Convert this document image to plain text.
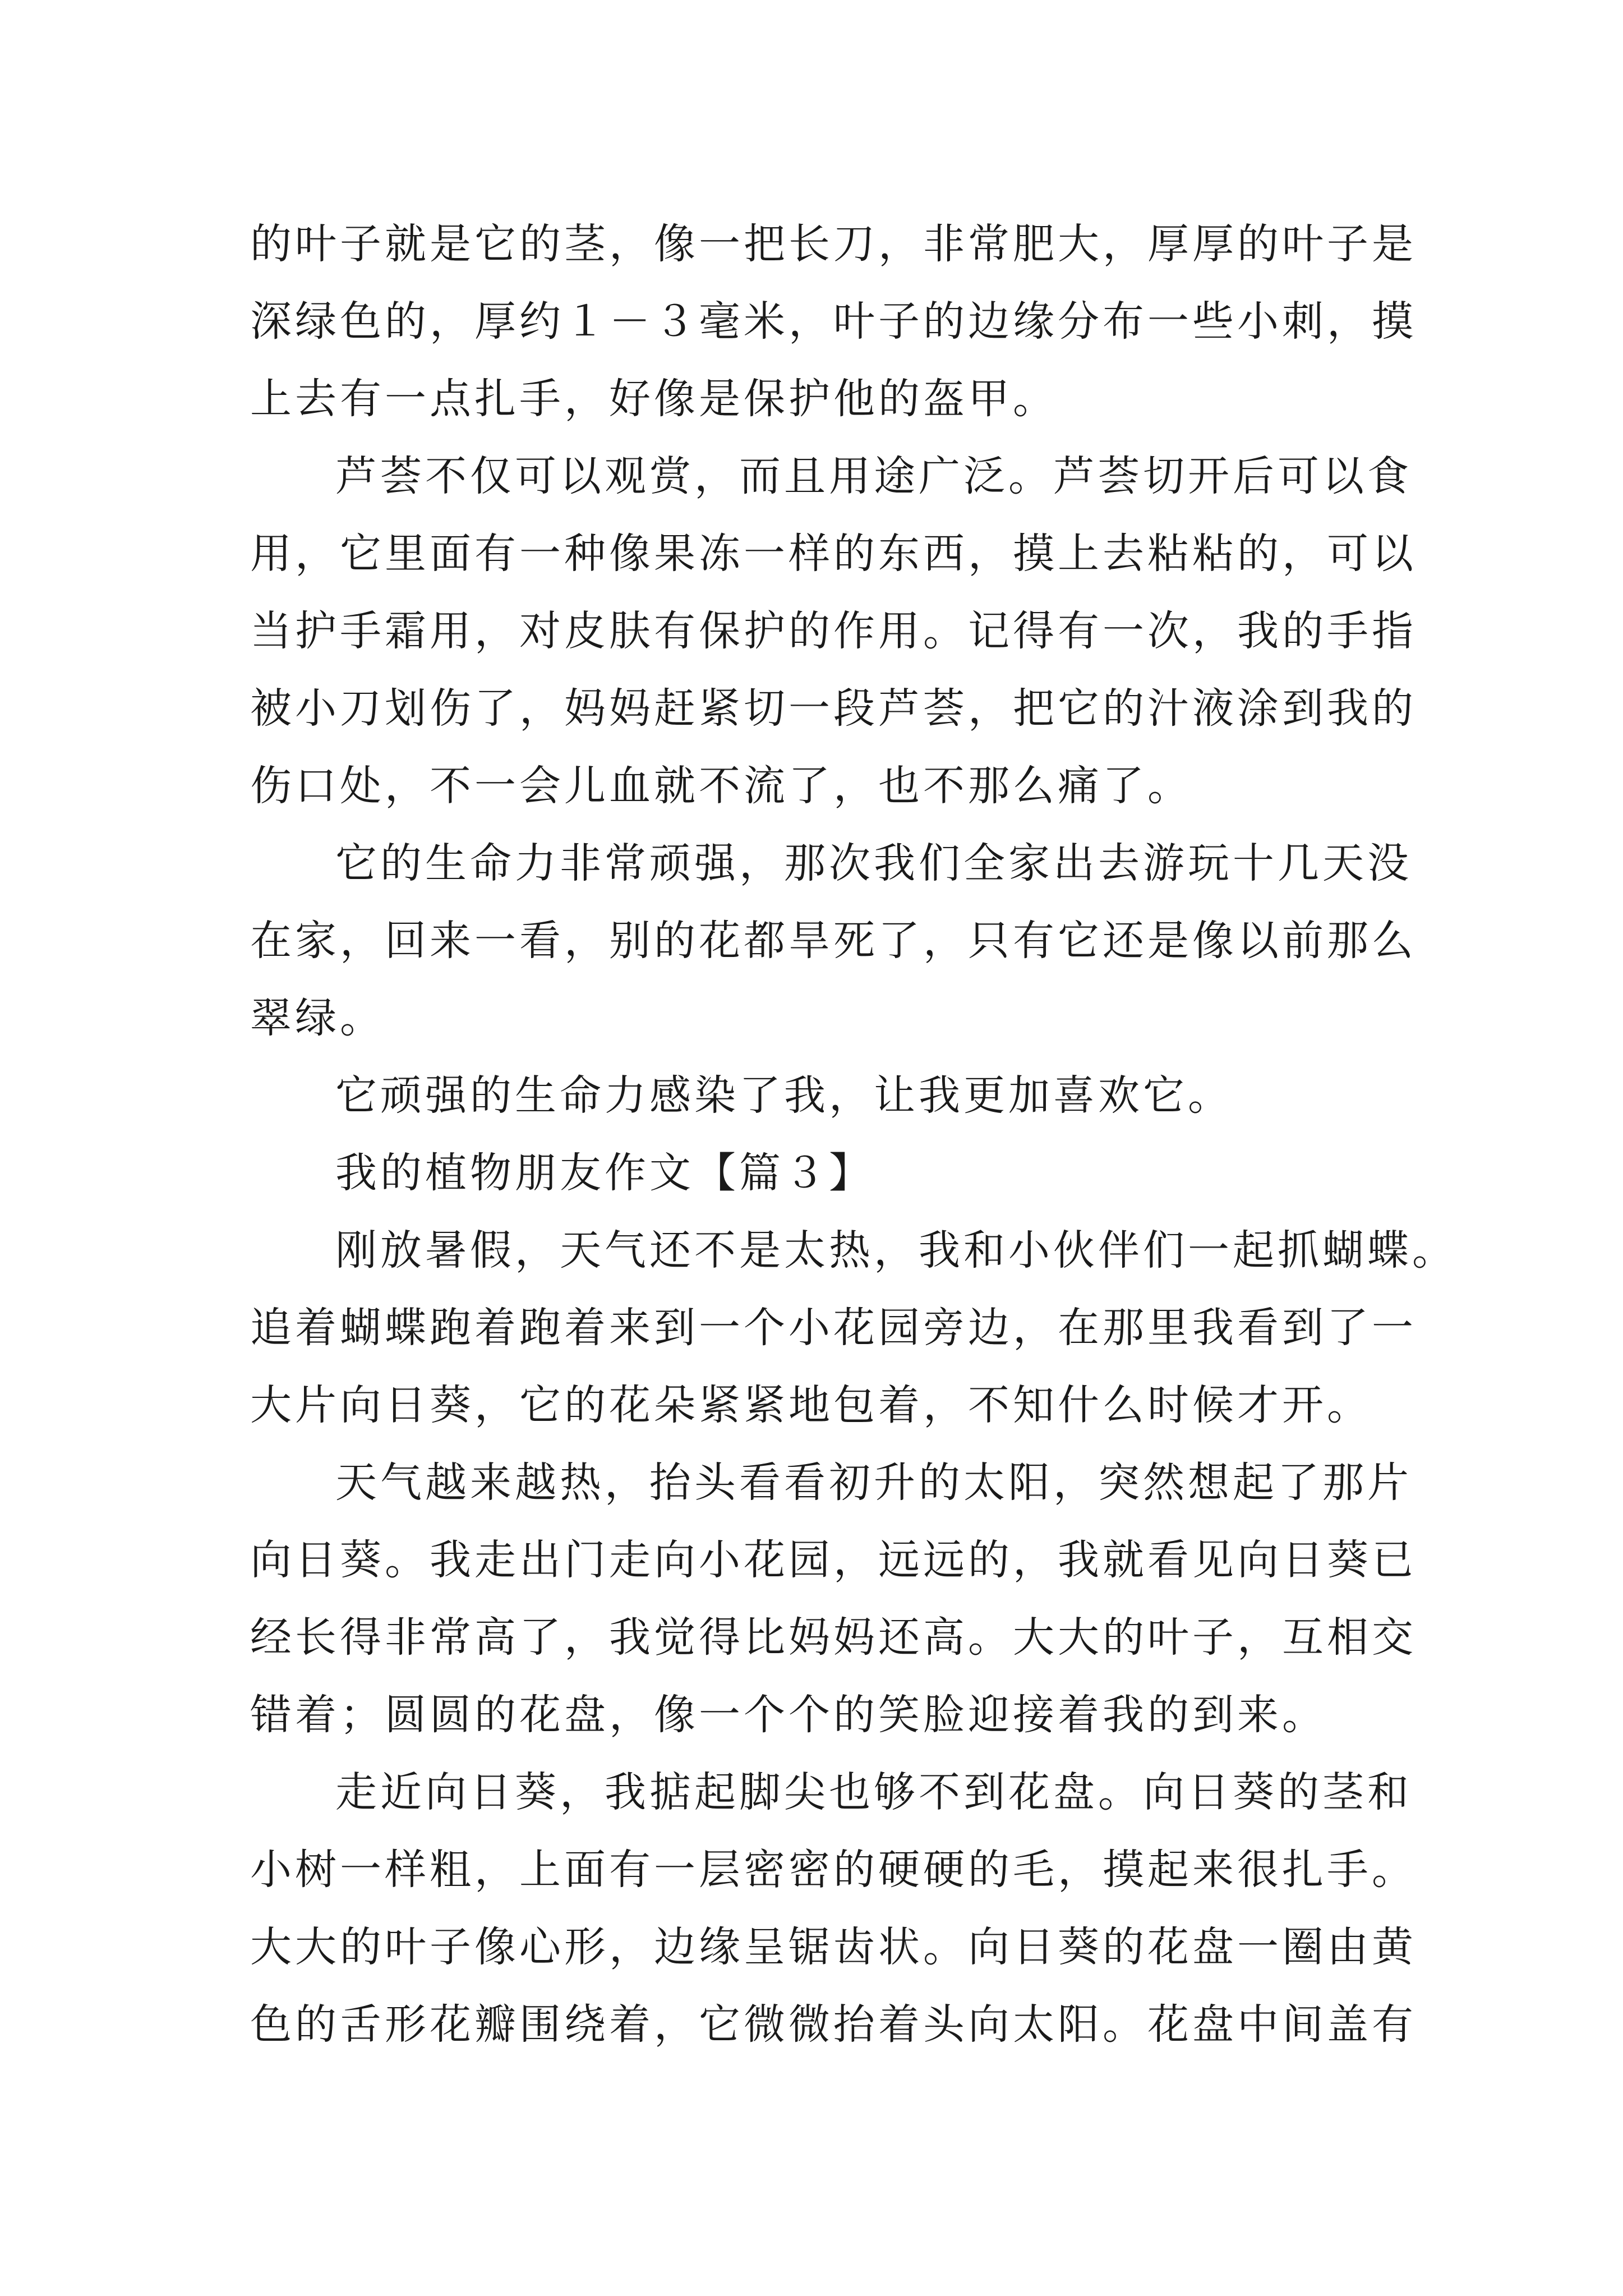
的叶子就是它的茎，像一把长刀，非常肥大，厚厚的叶子是
深绿色的，厚约１－３毫米，叶子的边缘分布一些小刺，摸
上去有一点扎手，好像是保护他的盔甲。
芦荟不仅可以观赏，而且用途广泛。芦荟切开后可以食
用，它里面有一种像果冻一样的东西，摸上去粘粘的，可以
当护手霜用，对皮肤有保护的作用。记得有一次，我的手指
被小刀划伤了，妈妈赶紧切一段芦荟，把它的汁液涂到我的
伤口处，不一会儿血就不流了，也不那么痛了。
它的生命力非常顽强，那次我们全家出去游玩十几天没
在家，回来一看，别的花都旱死了，只有它还是像以前那么
翠绿。
它顽强的生命力感染了我，让我更加喜欢它。
我的植物朋友作文【篇３】
刚放暑假，天气还不是太热，我和小伙伴们一起抓蝴蝶。
追着蝴蝶跑着跑着来到一个小花园旁边，在那里我看到了一
大片向日葵，它的花朵紧紧地包着，不知什么时候才开。
天气越来越热，抬头看看初升的太阳，突然想起了那片
向日葵。我走出门走向小花园，远远的，我就看见向日葵已
经长得非常高了，我觉得比妈妈还高。大大的叶子，互相交
错着；圆圆的花盘，像一个个的笑脸迎接着我的到来。
走近向日葵，我掂起脚尖也够不到花盘。向日葵的茎和
小树一样粗，上面有一层密密的硬硬的毛，摸起来很扎手。
大大的叶子像心形，边缘呈锯齿状。向日葵的花盘一圈由黄
色的舌形花瓣围绕着，它微微抬着头向太阳。花盘中间盖有
